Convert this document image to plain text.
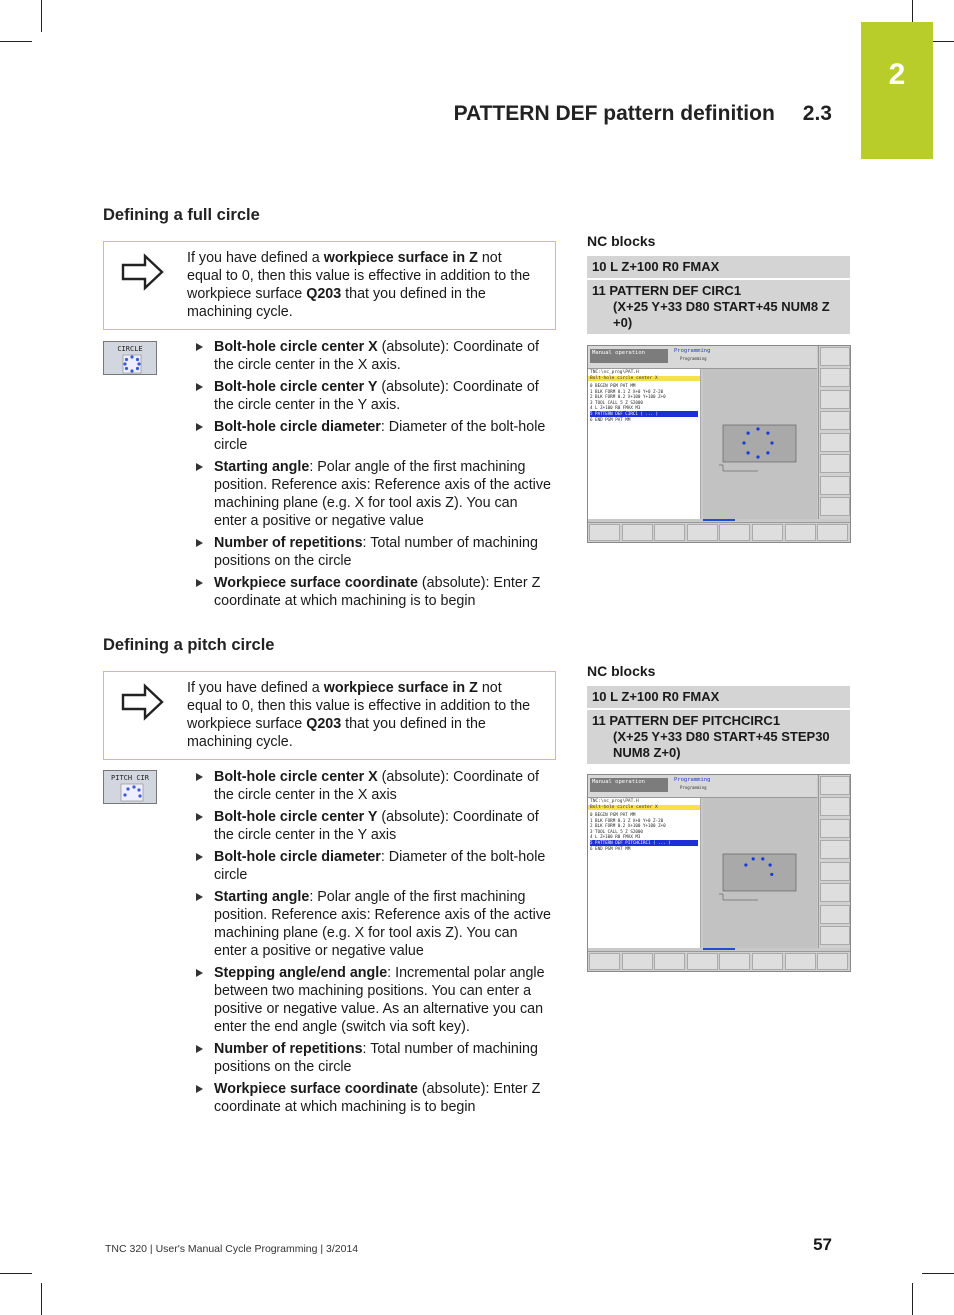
2
PATTERN DEF pattern definition 2.3
Defining a full circle
If you have defined a workpiece surface in Z not equal to 0, then this value is effective in addition to the workpiece surface Q203 that you defined in the machining cycle.
CIRCLE	Bolt-hole circle center X (absolute): Coordinate of the circle center in the X axis.
Bolt-hole circle center Y (absolute): Coordinate of the circle center in the Y axis.
Bolt-hole circle diameter: Diameter of the bolt-hole circle
Starting angle: Polar angle of the first machining position. Reference axis: Reference axis of the active machining plane (e.g. X for tool axis Z). You can enter a positive or negative value
Number of repetitions: Total number of machining positions on the circle
Workpiece surface coordinate (absolute): Enter Z coordinate at which machining is to begin
NC blocks
10 L Z+100 R0 FMAX
11 PATTERN DEF CIRC1
(X+25 Y+33 D80 START+45 NUM8 Z +0)
Manual operation	Programming
Programming
TNC:\nc_prog\PAT.H
Bolt-hole circle center X
0 BEGIN PGM PAT MM
1 BLK FORM 0.1 Z X+0 Y+0 Z-20
2 BLK FORM 0.2 X+100 Y+100 Z+0
3 TOOL CALL 5 Z S2000
4 L Z+100 R0 FMAX M3
5 PATTERN DEF CIRC1 ( ... )
6 END PGM PAT MM
Defining a pitch circle
If you have defined a workpiece surface in Z not equal to 0, then this value is effective in addition to the workpiece surface Q203 that you defined in the machining cycle.
PITCH CIR	Bolt-hole circle center X (absolute): Coordinate of the circle center in the X axis
Bolt-hole circle center Y (absolute): Coordinate of the circle center in the Y axis
Bolt-hole circle diameter: Diameter of the bolt-hole circle
Starting angle: Polar angle of the first machining position. Reference axis: Reference axis of the active machining plane (e.g. X for tool axis Z). You can enter a positive or negative value
Stepping angle/end angle: Incremental polar angle between two machining positions. You can enter a positive or negative value. As an alternative you can enter the end angle (switch via soft key).
Number of repetitions: Total number of machining positions on the circle
Workpiece surface coordinate (absolute): Enter Z coordinate at which machining is to begin
NC blocks
10 L Z+100 R0 FMAX
11 PATTERN DEF PITCHCIRC1
(X+25 Y+33 D80 START+45 STEP30 NUM8 Z+0)
Manual operation	Programming
Programming
TNC:\nc_prog\PAT.H
Bolt-hole circle center X
0 BEGIN PGM PAT MM
1 BLK FORM 0.1 Z X+0 Y+0 Z-20
2 BLK FORM 0.2 X+100 Y+100 Z+0
3 TOOL CALL 5 Z S2000
4 L Z+100 R0 FMAX M3
5 PATTERN DEF PITCHCIRC1 ( ... )
6 END PGM PAT MM
TNC 320 | User's Manual Cycle Programming | 3/2014	57
